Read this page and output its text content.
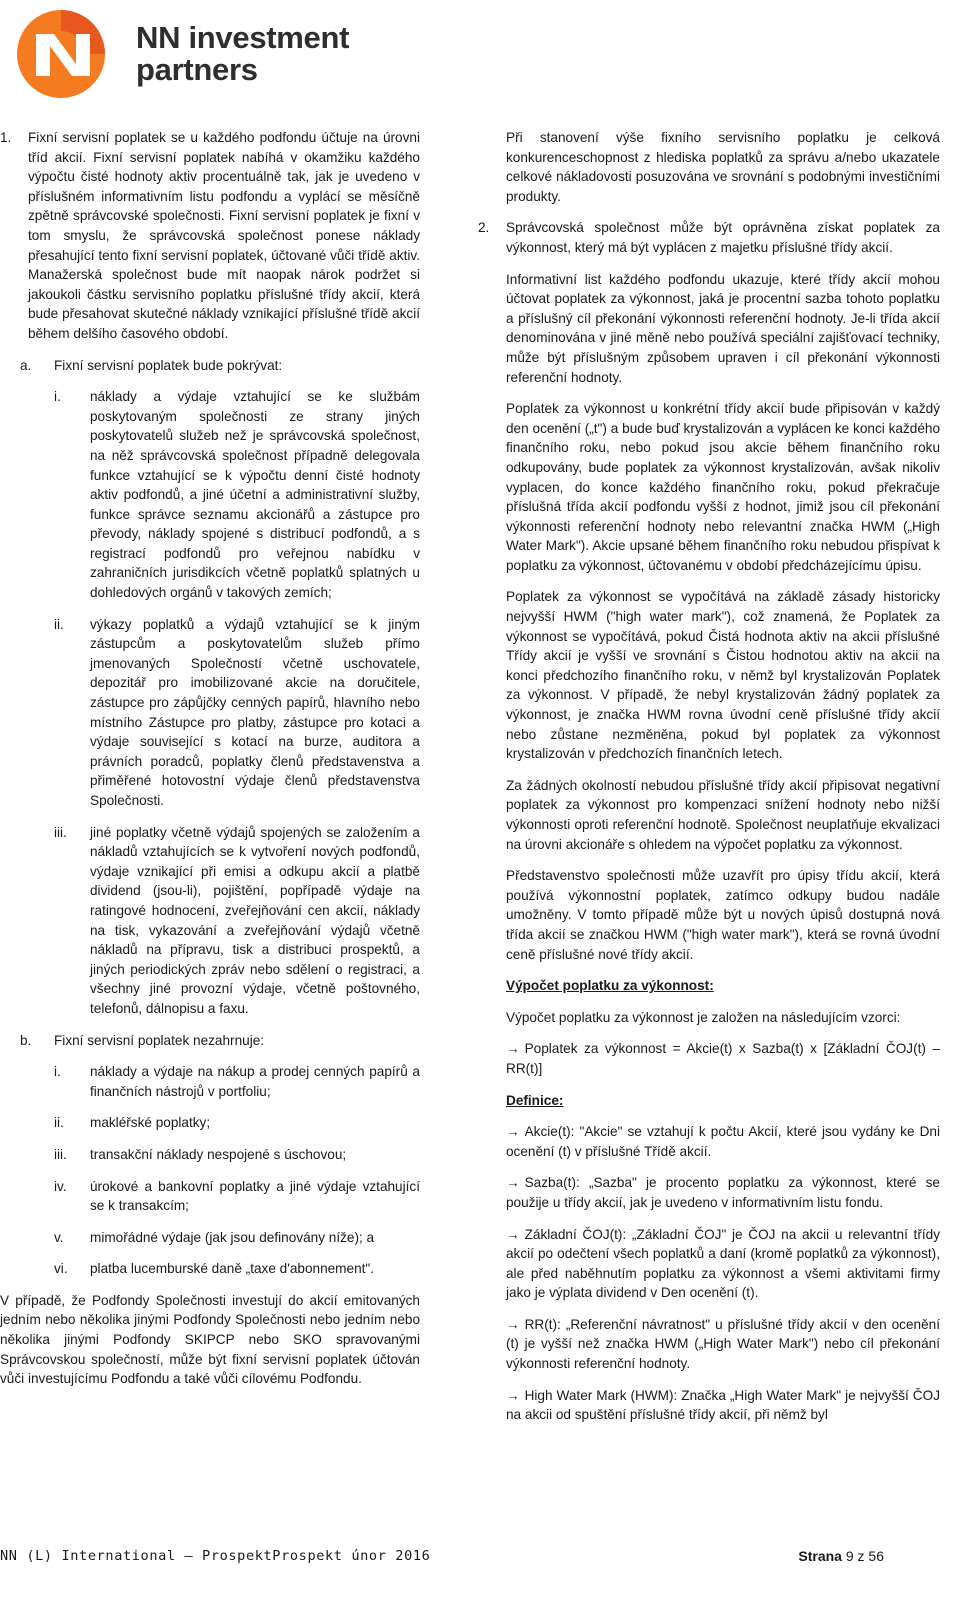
NN investment
partners
1. Fixní servisní poplatek se u každého podfondu účtuje na úrovni tříd akcií. Fixní servisní poplatek nabíhá v okamžiku každého výpočtu čisté hodnoty aktiv procentuálně tak, jak je uvedeno v příslušném informativním listu podfondu a vyplácí se měsíčně zpětně správcovské společnosti. Fixní servisní poplatek je fixní v tom smyslu, že správcovská společnost ponese náklady přesahující tento fixní servisní poplatek, účtované vůči třídě aktiv. Manažerská společnost bude mít naopak nárok podržet si jakoukoli částku servisního poplatku příslušné třídy akcií, která bude přesahovat skutečné náklady vznikající příslušné třídě akcií během delšího časového období.
a. Fixní servisní poplatek bude pokrývat:
i. náklady a výdaje vztahující se ke službám poskytovaným společnosti ze strany jiných poskytovatelů služeb než je správcovská společnost, na něž správcovská společnost případně delegovala funkce vztahující se k výpočtu denní čisté hodnoty aktiv podfondů, a jiné účetní a administrativní služby, funkce správce seznamu akcionářů a zástupce pro převody, náklady spojené s distribucí podfondů, a s registrací podfondů pro veřejnou nabídku v zahraničních jurisdikcích včetně poplatků splatných u dohledových orgánů v takových zemích;
ii. výkazy poplatků a výdajů vztahující se k jiným zástupcům a poskytovatelům služeb přímo jmenovaných Společností včetně uschovatele, depozitář pro imobilizované akcie na doručitele, zástupce pro zápůjčky cenných papírů, hlavního nebo místního Zástupce pro platby, zástupce pro kotaci a výdaje související s kotací na burze, auditora a právních poradců, poplatky členů představenstva a přiměřené hotovostní výdaje členů představenstva Společnosti.
iii. jiné poplatky včetně výdajů spojených se založením a nákladů vztahujících se k vytvoření nových podfondů, výdaje vznikající při emisi a odkupu akcií a platbě dividend (jsou-li), pojištění, popřípadě výdaje na ratingové hodnocení, zveřejňování cen akcií, náklady na tisk, vykazování a zveřejňování výdajů včetně nákladů na přípravu, tisk a distribuci prospektů, a jiných periodických zpráv nebo sdělení o registraci, a všechny jiné provozní výdaje, včetně poštovného, telefonů, dálnopisu a faxu.
b. Fixní servisní poplatek nezahrnuje:
i. náklady a výdaje na nákup a prodej cenných papírů a finančních nástrojů v portfoliu;
ii. makléřské poplatky;
iii. transakční náklady nespojené s úschovou;
iv. úrokové a bankovní poplatky a jiné výdaje vztahující se k transakcím;
v. mimořádné výdaje (jak jsou definovány níže); a
vi. platba lucemburské daně „taxe d'abonnement".

V případě, že Podfondy Společnosti investují do akcií emitovaných jedním nebo několika jinými Podfondy Společnosti nebo jedním nebo několika jinými Podfondy SKIPCP nebo SKO spravovanými Správcovskou společností, může být fixní servisní poplatek účtován vůči investujícímu Podfondu a také vůči cílovému Podfondu.

Při stanovení výše fixního servisního poplatku je celková konkurenceschopnost z hlediska poplatků za správu a/nebo ukazatele celkové nákladovosti posuzována ve srovnání s podobnými investičními produkty.

2. Správcovská společnost může být oprávněna získat poplatek za výkonnost, který má být vyplácen z majetku příslušné třídy akcií.

Informativní list každého podfondu ukazuje, které třídy akcií mohou účtovat poplatek za výkonnost, jaká je procentní sazba tohoto poplatku a příslušný cíl překonání výkonnosti referenční hodnoty. Je-li třída akcií denominována v jiné měně nebo používá speciální zajišťovací techniky, může být příslušným způsobem upraven i cíl překonání výkonnosti referenční hodnoty.

Poplatek za výkonnost u konkrétní třídy akcií bude připisován v každý den ocenění („t") a bude buď krystalizován a vyplácen ke konci každého finančního roku, nebo pokud jsou akcie během finančního roku odkupovány, bude poplatek za výkonnost krystalizován, avšak nikoliv vyplacen, do konce každého finančního roku, pokud překračuje příslušná třída akcií podfondu vyšší z hodnot, jimiž jsou cíl překonání výkonnosti referenční hodnoty nebo relevantní značka HWM („High Water Mark"). Akcie upsané během finančního roku nebudou přispívat k poplatku za výkonnost, účtovanému v období předcházejícímu úpisu.

Poplatek za výkonnost se vypočítává na základě zásady historicky nejvyšší HWM ("high water mark"), což znamená, že Poplatek za výkonnost se vypočítává, pokud Čistá hodnota aktiv na akcii příslušné Třídy akcií je vyšší ve srovnání s Čistou hodnotou aktiv na akcii na konci předchozího finančního roku, v němž byl krystalizován Poplatek za výkonnost. V případě, že nebyl krystalizován žádný poplatek za výkonnost, je značka HWM rovna úvodní ceně příslušné třídy akcií nebo zůstane nezměněna, pokud byl poplatek za výkonnost krystalizován v předchozích finančních letech.

Za žádných okolností nebudou příslušné třídy akcií připisovat negativní poplatek za výkonnost pro kompenzaci snížení hodnoty nebo nižší výkonnosti oproti referenční hodnotě. Společnost neuplatňuje ekvalizaci na úrovni akcionáře s ohledem na výpočet poplatku za výkonnost.

Představenstvo společnosti může uzavřít pro úpisy třídu akcií, která používá výkonnostní poplatek, zatímco odkupy budou nadále umožněny. V tomto případě může být u nových úpisů dostupná nová třída akcií se značkou HWM ("high water mark"), která se rovná úvodní ceně příslušné nové třídy akcií.

Výpočet poplatku za výkonnost:

Výpočet poplatku za výkonnost je založen na následujícím vzorci:

→ Poplatek za výkonnost = Akcie(t) x Sazba(t) x [Základní ČOJ(t) – RR(t)]

Definice:

→ Akcie(t): "Akcie" se vztahují k počtu Akcií, které jsou vydány ke Dni ocenění (t) v příslušné Třídě akcií.

→ Sazba(t): „Sazba" je procento poplatku za výkonnost, které se použije u třídy akcií, jak je uvedeno v informativním listu fondu.

→ Základní ČOJ(t): „Základní ČOJ" je ČOJ na akcii u relevantní třídy akcií po odečtení všech poplatků a daní (kromě poplatků za výkonnost), ale před naběhnutím poplatku za výkonnost a všemi aktivitami firmy jako je výplata dividend v Den ocenění (t).

→ RR(t): „Referenční návratnost" u příslušné třídy akcií v den ocenění (t) je vyšší než značka HWM („High Water Mark") nebo cíl překonání výkonnosti referenční hodnoty.

→ High Water Mark (HWM): Značka „High Water Mark" je nejvyšší ČOJ na akcii od spuštění příslušné třídy akcií, při němž byl

NN (L) International – ProspektProspekt únor 2016	Strana 9 z 56
